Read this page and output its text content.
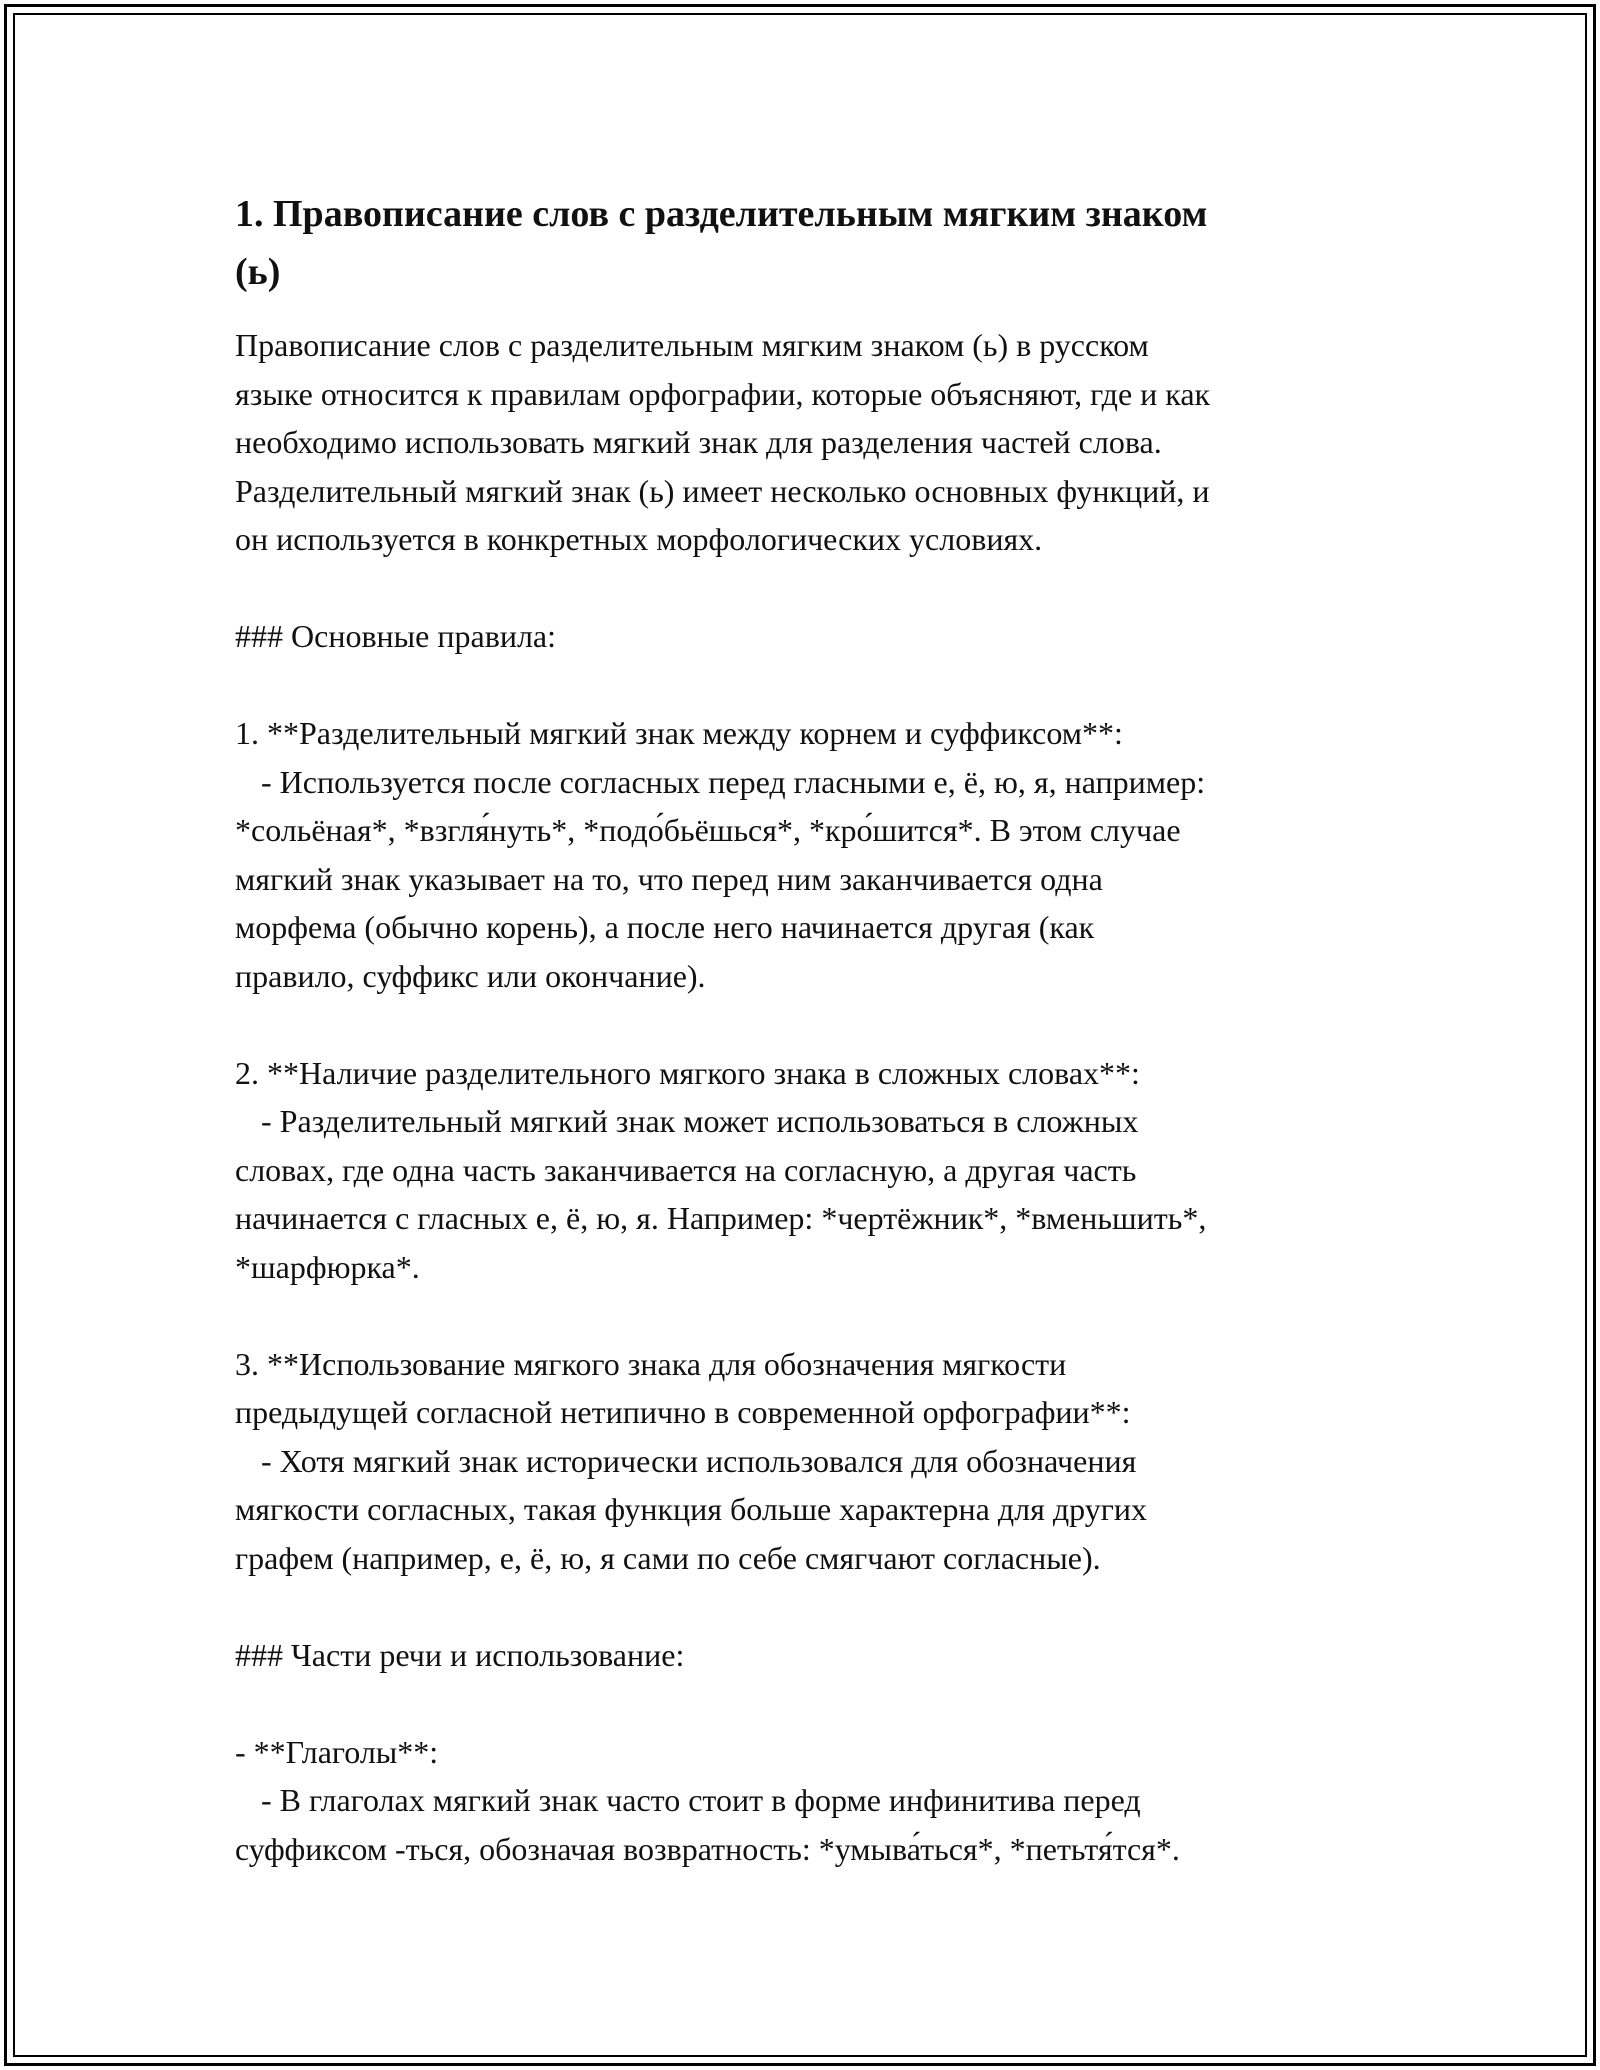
1. Правописание слов с разделительным мягким знаком
(ь)

Правописание слов с разделительным мягким знаком (ь) в русском
языке относится к правилам орфографии, которые объясняют, где и как
необходимо использовать мягкий знак для разделения частей слова.
Разделительный мягкий знак (ь) имеет несколько основных функций, и
он используется в конкретных морфологических условиях.

### Основные правила:

1. **Разделительный мягкий знак между корнем и суффиксом**:
- Используется после согласных перед гласными е, ё, ю, я, например:
*сольёная*, *взгля́нуть*, *подо́бьёшься*, *кро́шится*. В этом случае
мягкий знак указывает на то, что перед ним заканчивается одна
морфема (обычно корень), а после него начинается другая (как
правило, суффикс или окончание).

2. **Наличие разделительного мягкого знака в сложных словах**:
- Разделительный мягкий знак может использоваться в сложных
словах, где одна часть заканчивается на согласную, а другая часть
начинается с гласных е, ё, ю, я. Например: *чертёжник*, *вменьшить*,
*шарфюрка*.

3. **Использование мягкого знака для обозначения мягкости
предыдущей согласной нетипично в современной орфографии**:
- Хотя мягкий знак исторически использовался для обозначения
мягкости согласных, такая функция больше характерна для других
графем (например, е, ё, ю, я сами по себе смягчают согласные).

### Части речи и использование:

- **Глаголы**:
- В глаголах мягкий знак часто стоит в форме инфинитива перед
суффиксом -ться, обозначая возвратность: *умыва́ться*, *петьтя́тся*.
